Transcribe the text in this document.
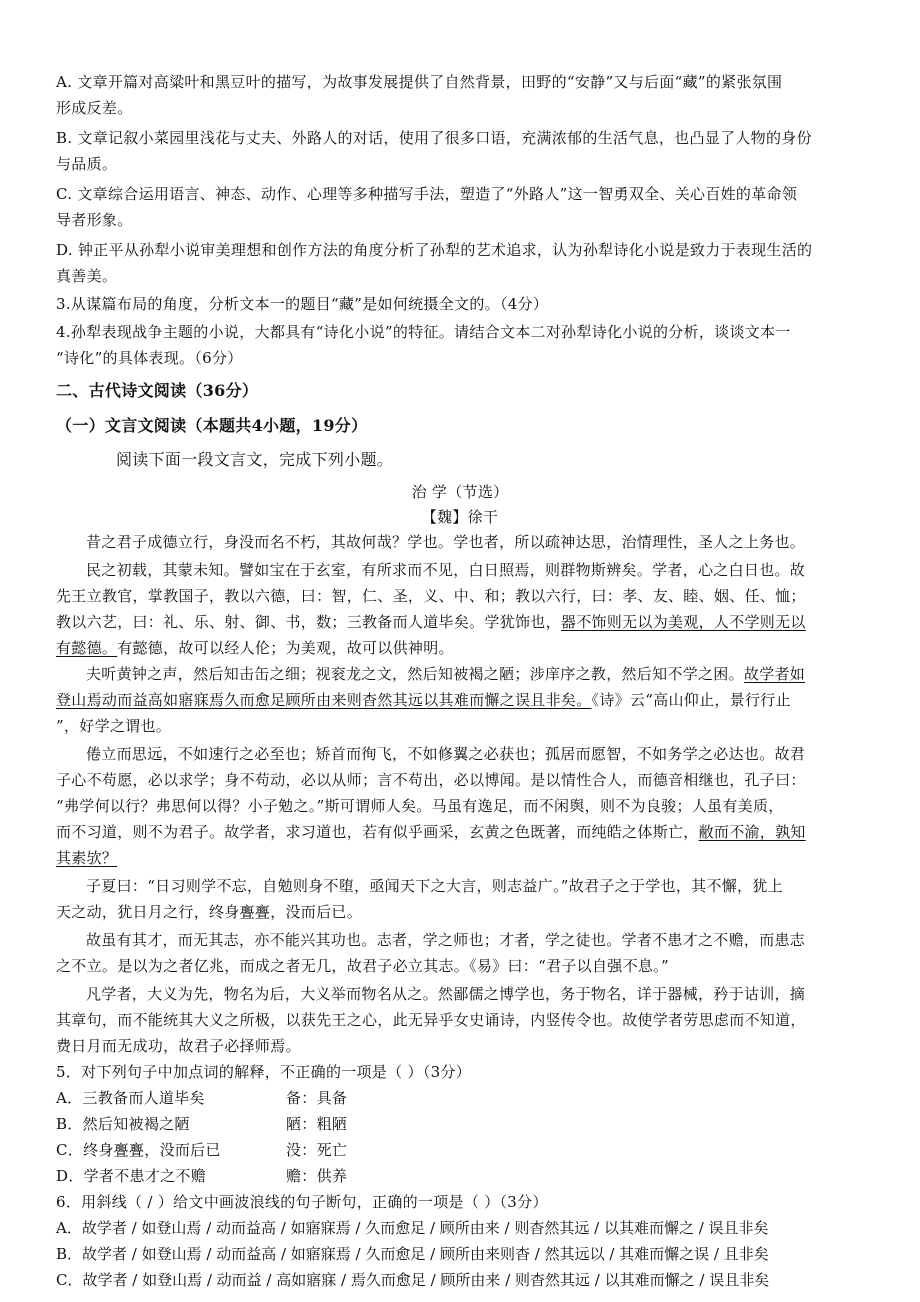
A. 文章开篇对高粱叶和黑豆叶的描写，为故事发展提供了自然背景，田野的“安静”又与后面“藏”的紧张氛围
形成反差。
B. 文章记叙小菜园里浅花与丈夫、外路人的对话，使用了很多口语，充满浓郁的生活气息，也凸显了人物的身份
与品质。
C. 文章综合运用语言、神态、动作、心理等多种描写手法，塑造了“外路人”这一智勇双全、关心百姓的革命领
导者形象。
D. 钟正平从孙犁小说审美理想和创作方法的角度分析了孙犁的艺术追求，认为孙犁诗化小说是致力于表现生活的
真善美。
3.从谋篇布局的角度，分析文本一的题目“藏”是如何统摄全文的。（4分）
4.孙犁表现战争主题的小说，大都具有“诗化小说”的特征。请结合文本二对孙犁诗化小说的分析，谈谈文本一
“诗化”的具体表现。（6分）
二、古代诗文阅读（36分）
（一）文言文阅读（本题共4小题，19分）
阅读下面一段文言文，完成下列小题。
治 学（节选）
【魏】徐干
昔之君子成德立行，身没而名不朽，其故何哉？学也。学也者，所以疏神达思，治情理性，圣人之上务也。
民之初载，其蒙未知。譬如宝在于玄室，有所求而不见，白日照焉，则群物斯辨矣。学者，心之白日也。故
先王立教官，掌教国子，教以六德，曰：智，仁、圣，义、中、和；教以六行，曰：孝、友、睦、姻、任、恤；
教以六艺，曰：礼、乐、射、御、书，数；三教备而人道毕矣。学犹饰也，器不饰则无以为美观，人不学则无以
有懿德。有懿德，故可以经人伦；为美观，故可以供神明。
夫听黄钟之声，然后知击缶之细；视衮龙之文，然后知被褐之陋；涉庠序之教，然后知不学之困。故学者如
登山焉动而益高如寤寐焉久而愈足顾所由来则杳然其远以其难而懈之误且非矣。《诗》云“高山仰止，景行行止
”，好学之谓也。
倦立而思远，不如速行之必至也；矫首而徇飞，不如修翼之必获也；孤居而愿智，不如务学之必达也。故君
子心不苟愿，必以求学；身不苟动，必以从师；言不苟出，必以博闻。是以情性合人，而德音相继也，孔子曰：
“弗学何以行？弗思何以得？小子勉之。”斯可谓师人矣。马虽有逸足，而不闲舆，则不为良骏；人虽有美质，
而不习道，则不为君子。故学者，求习道也，若有似乎画采，玄黄之色既著，而纯皓之体斯亡，敝而不渝，孰知
其素欤？
子夏曰：“日习则学不忘，自勉则身不堕，亟闻天下之大言，则志益广。”故君子之于学也，其不懈，犹上
天之动，犹日月之行，终身亹亹，没而后已。
故虽有其才，而无其志，亦不能兴其功也。志者，学之师也；才者，学之徒也。学者不患才之不赡，而患志
之不立。是以为之者亿兆，而成之者无几，故君子必立其志。《易》曰：“君子以自强不息。”
凡学者，大义为先，物名为后，大义举而物名从之。然鄙儒之博学也，务于物名，详于器械，矜于诂训，摘
其章句，而不能统其大义之所极，以获先王之心，此无异乎女史诵诗，内竖传令也。故使学者劳思虑而不知道，
费日月而无成功，故君子必择师焉。
5．对下列句子中加点词的解释，不正确的一项是（ ）（3分）
A．三教备而人道毕矣	备：具备
B．然后知被褐之陋	陋：粗陋
C．终身亹亹，没而后已	没：死亡
D．学者不患才之不赡	赡：供养
6．用斜线（ / ）给文中画波浪线的句子断句，正确的一项是（ ）（3分）
A．故学者 / 如登山焉 / 动而益高 / 如寤寐焉 / 久而愈足 / 顾所由来 / 则杳然其远 / 以其难而懈之 / 误且非矣
B．故学者 / 如登山焉 / 动而益高 / 如寤寐焉 / 久而愈足 / 顾所由来则杳 / 然其远以 / 其难而懈之误 / 且非矣
C．故学者 / 如登山焉 / 动而益 / 高如寤寐 / 焉久而愈足 / 顾所由来 / 则杳然其远 / 以其难而懈之 / 误且非矣
